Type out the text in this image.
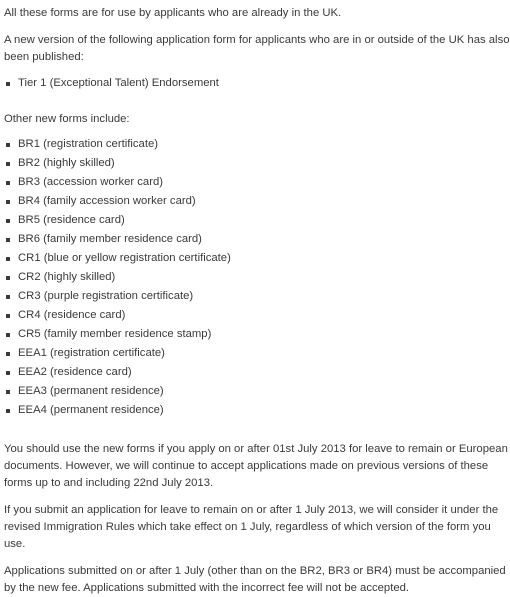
All these forms are for use by applicants who are already in the UK.

A new version of the following application form for applicants who are in or outside of the UK has also been published:

Tier 1 (Exceptional Talent) Endorsement

Other new forms include:

BR1 (registration certificate)
BR2 (highly skilled)
BR3 (accession worker card)
BR4 (family accession worker card)
BR5 (residence card)
BR6 (family member residence card)
CR1 (blue or yellow registration certificate)
CR2 (highly skilled)
CR3 (purple registration certificate)
CR4 (residence card)
CR5 (family member residence stamp)
EEA1 (registration certificate)
EEA2 (residence card)
EEA3 (permanent residence)
EEA4 (permanent residence)

You should use the new forms if you apply on or after 01st July 2013 for leave to remain or European documents. However, we will continue to accept applications made on previous versions of these forms up to and including 22nd July 2013.

If you submit an application for leave to remain on or after 1 July 2013, we will consider it under the revised Immigration Rules which take effect on 1 July, regardless of which version of the form you use.

Applications submitted on or after 1 July (other than on the BR2, BR3 or BR4) must be accompanied by the new fee. Applications submitted with the incorrect fee will not be accepted.
